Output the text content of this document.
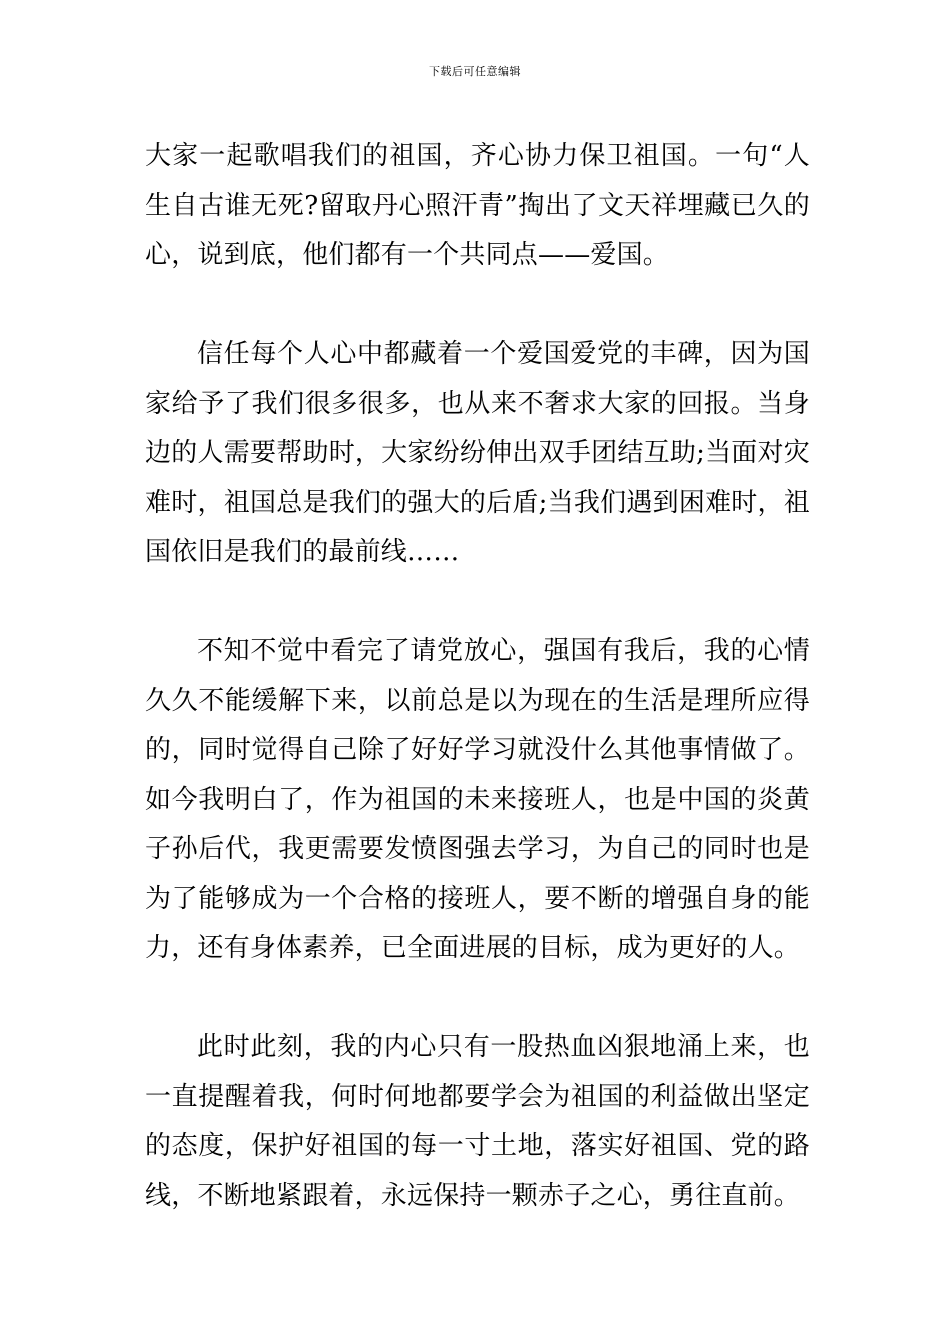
下载后可任意编辑

大家一起歌唱我们的祖国，齐心协力保卫祖国。一句“人生自古谁无死?留取丹心照汗青”掏出了文天祥埋藏已久的心，说到底，他们都有一个共同点——爱国。

信任每个人心中都藏着一个爱国爱党的丰碑，因为国家给予了我们很多很多，也从来不奢求大家的回报。当身边的人需要帮助时，大家纷纷伸出双手团结互助;当面对灾难时，祖国总是我们的强大的后盾;当我们遇到困难时，祖国依旧是我们的最前线……

不知不觉中看完了请党放心，强国有我后，我的心情久久不能缓解下来，以前总是以为现在的生活是理所应得的，同时觉得自己除了好好学习就没什么其他事情做了。如今我明白了，作为祖国的未来接班人，也是中国的炎黄子孙后代，我更需要发愤图强去学习，为自己的同时也是为了能够成为一个合格的接班人，要不断的增强自身的能力，还有身体素养，已全面进展的目标，成为更好的人。

此时此刻，我的内心只有一股热血凶狠地涌上来，也一直提醒着我，何时何地都要学会为祖国的利益做出坚定的态度，保护好祖国的每一寸土地，落实好祖国、党的路线，不断地紧跟着，永远保持一颗赤子之心，勇往直前。
